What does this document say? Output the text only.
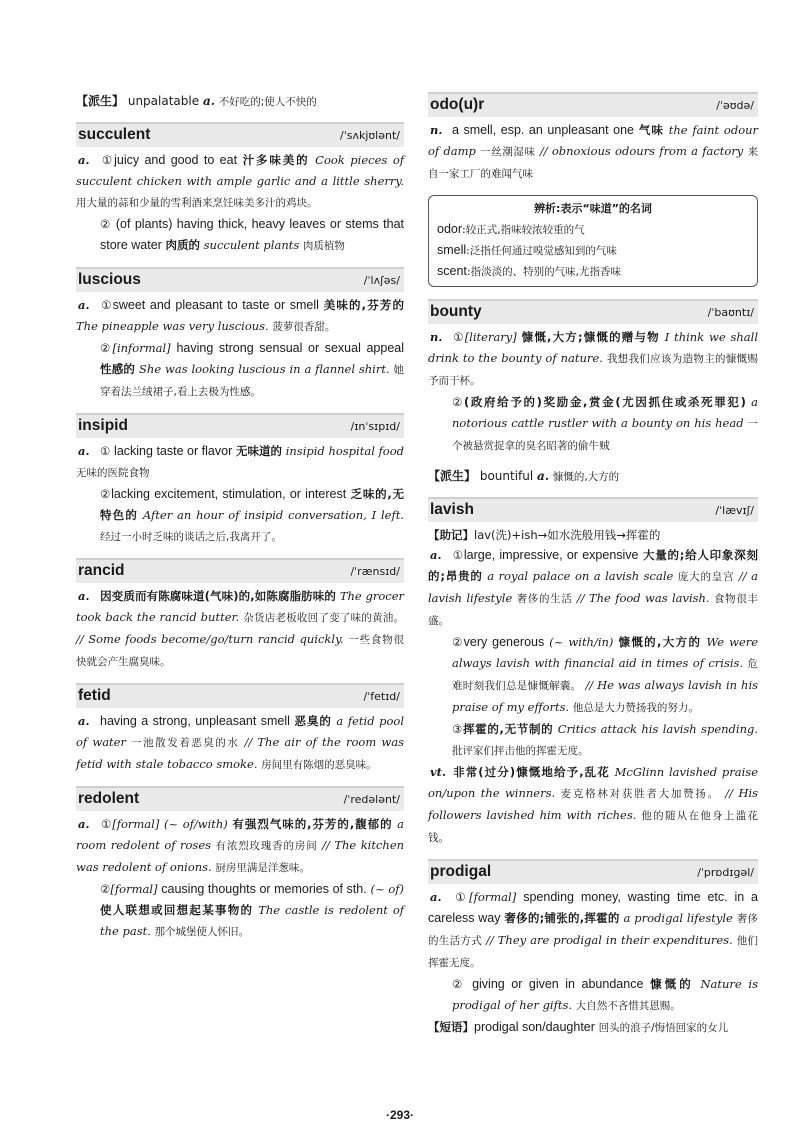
【派生】 unpalatable a. 不好吃的;使人不快的
succulent	/ˈsʌkjʊlənt/
a. ①juicy and good to eat 汁多味美的 Cook pieces of succulent chicken with ample garlic and a little sherry. 用大量的蒜和少量的雪利酒来烹饪味美多汁的鸡块。
② (of plants) having thick, heavy leaves or stems that store water 肉质的 succulent plants 肉质植物
luscious	/ˈlʌʃəs/
a. ①sweet and pleasant to taste or smell 美味的,芬芳的 The pineapple was very luscious. 菠萝很香甜。
②[informal] having strong sensual or sexual appeal 性感的 She was looking luscious in a flannel shirt. 她穿着法兰绒裙子,看上去极为性感。
insipid	/ɪnˈsɪpɪd/
a. ① lacking taste or flavor 无味道的 insipid hospital food 无味的医院食物
②lacking excitement, stimulation, or interest 乏味的,无特色的 After an hour of insipid conversation, I left. 经过一小时乏味的谈话之后,我离开了。
rancid	/ˈrænsɪd/
a. 因变质而有陈腐味道(气味)的,如陈腐脂肪味的 The grocer took back the rancid butter. 杂货店老板收回了变了味的黄油。 // Some foods become/go/turn rancid quickly. 一些食物很快就会产生腐臭味。
fetid	/ˈfetɪd/
a. having a strong, unpleasant smell 恶臭的 a fetid pool of water 一池散发着恶臭的水 // The air of the room was fetid with stale tobacco smoke. 房间里有陈烟的恶臭味。
redolent	/ˈredələnt/
a. ①[formal] (~ of/with) 有强烈气味的,芬芳的,馥郁的 a room redolent of roses 有浓烈玫瑰香的房间 // The kitchen was redolent of onions. 厨房里满是洋葱味。
②[formal] causing thoughts or memories of sth. (~ of)使人联想或回想起某事物的 The castle is redolent of the past. 那个城堡使人怀旧。
odo(u)r	/ˈəʊdə/
n. a smell, esp. an unpleasant one 气味 the faint odour of damp 一丝潮湿味 // obnoxious odours from a factory 来自一家工厂的难闻气味
辨析:表示“味道”的名词
odor:较正式,指味较浓较重的气
smell:泛指任何通过嗅觉感知到的气味
scent:指淡淡的、特别的气味,尤指香味
bounty	/ˈbaʊntɪ/
n. ①[literary] 慷慨,大方;慷慨的赠与物 I think we shall drink to the bounty of nature. 我想我们应该为造物主的慷慨赐予而干杯。
②(政府给予的)奖励金,赏金(尤因抓住或杀死罪犯) a notorious cattle rustler with a bounty on his head 一个被悬赏捉拿的臭名昭著的偷牛贼
【派生】 bountiful a. 慷慨的,大方的
lavish	/ˈlævɪʃ/
【助记】lav(洗)+ish→如水洗般用钱→挥霍的
a. ①large, impressive, or expensive 大量的;给人印象深刻的;昂贵的 a royal palace on a lavish scale 庞大的皇宫 // a lavish lifestyle 奢侈的生活 // The food was lavish. 食物很丰盛。
②very generous (~ with/in) 慷慨的,大方的 We were always lavish with financial aid in times of crisis. 危难时刻我们总是慷慨解囊。 // He was always lavish in his praise of my efforts. 他总是大力赞扬我的努力。
③挥霍的,无节制的 Critics attack his lavish spending. 批评家们抨击他的挥霍无度。
vt. 非常(过分)慷慨地给予,乱花 McGlinn lavished praise on/upon the winners. 麦克格林对获胜者大加赞扬。 // His followers lavished him with riches. 他的随从在他身上滥花钱。
prodigal	/ˈprɒdɪgəl/
a. ①[formal] spending money, wasting time etc. in a careless way 奢侈的;铺张的,挥霍的 a prodigal lifestyle 奢侈的生活方式 // They are prodigal in their expenditures. 他们挥霍无度。
② giving or given in abundance 慷慨的 Nature is prodigal of her gifts. 大自然不吝惜其恩赐。
【短语】prodigal son/daughter 回头的浪子/悔悟回家的女儿
·293·
